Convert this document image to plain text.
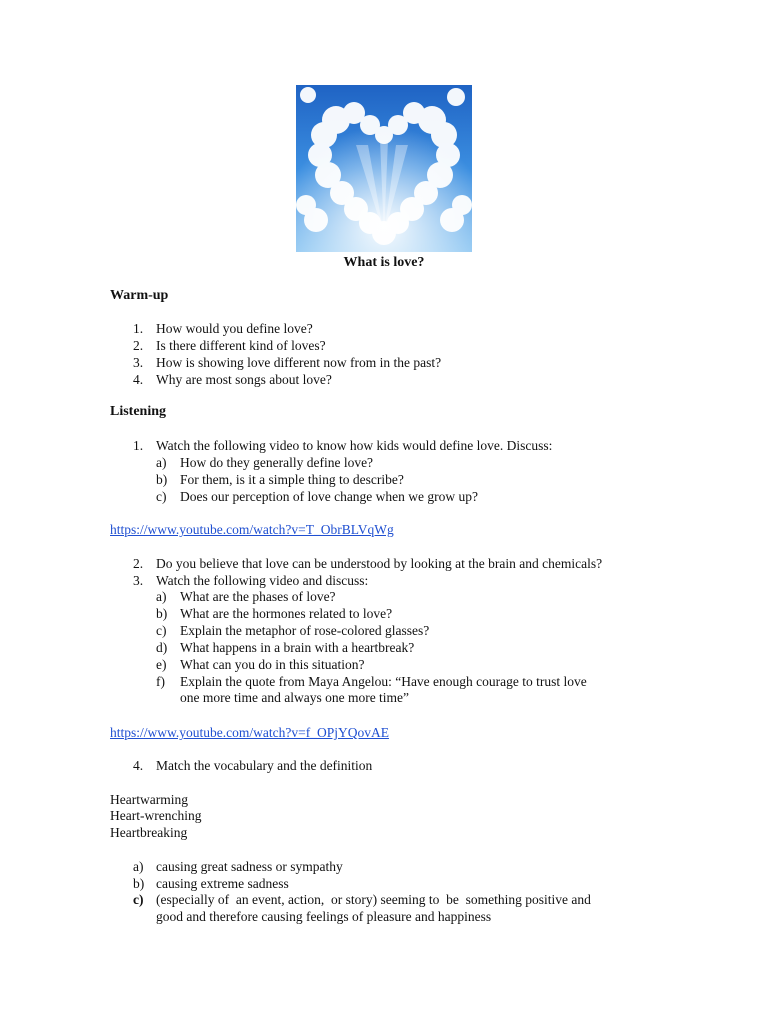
What is love?
Warm-up
1. How would you define love?
2. Is there different kind of loves?
3. How is showing love different now from in the past?
4. Why are most songs about love?
Listening
1. Watch the following video to know how kids would define love. Discuss:
a) How do they generally define love?
b) For them, is it a simple thing to describe?
c) Does our perception of love change when we grow up?
https://www.youtube.com/watch?v=T_ObrBLVqWg
2. Do you believe that love can be understood by looking at the brain and chemicals?
3. Watch the following video and discuss:
a) What are the phases of love?
b) What are the hormones related to love?
c) Explain the metaphor of rose-colored glasses?
d) What happens in a brain with a heartbreak?
e) What can you do in this situation?
f) Explain the quote from Maya Angelou: “Have enough courage to trust love
one more time and always one more time”
https://www.youtube.com/watch?v=f_OPjYQovAE
4. Match the vocabulary and the definition
Heartwarming
Heart-wrenching
Heartbreaking
a) causing great sadness or sympathy
b) causing extreme sadness
c) (especially of  an event, action,  or story) seeming to  be  something positive and
good and therefore causing feelings of pleasure and happiness
